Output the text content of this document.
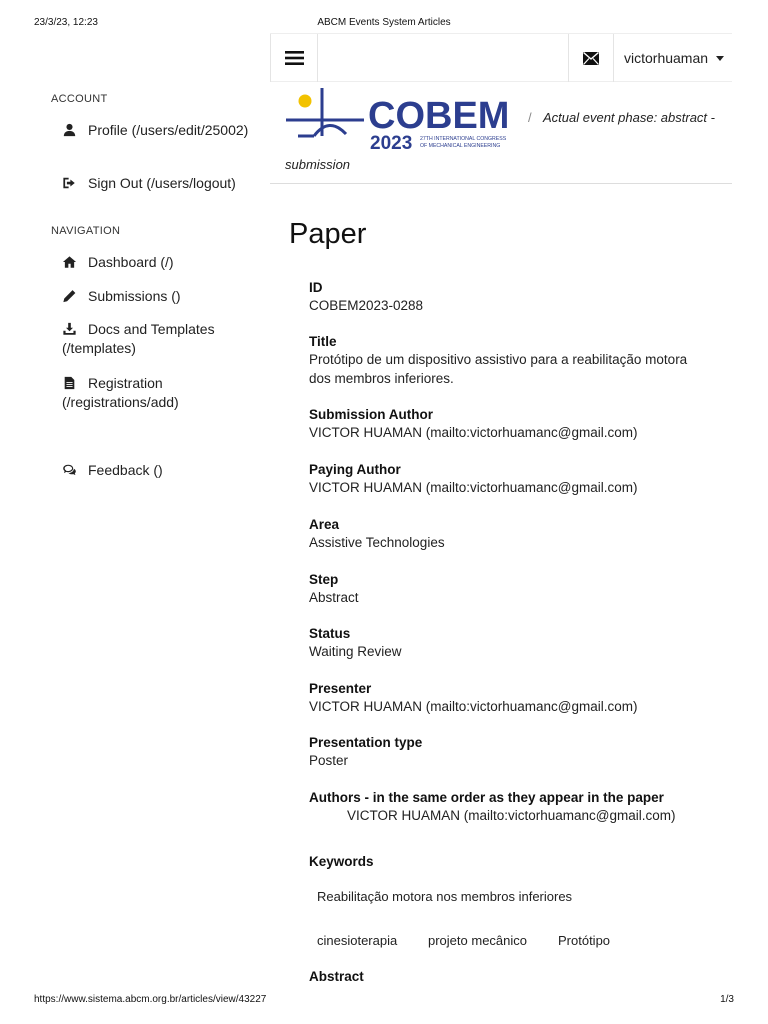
23/3/23, 12:23	ABCM Events System Articles
ACCOUNT
Profile (/users/edit/25002)
Sign Out (/users/logout)
NAVIGATION
Dashboard (/)
Submissions ()
Docs and Templates (/templates)
Registration (/registrations/add)
Feedback ()
victorhuaman
COBEM
2023 27TH INTERNATIONAL CONGRESS
OF MECHANICAL ENGINEERING
/ Actual event phase: abstract -
submission
Paper
ID
COBEM2023-0288
Title
Protótipo de um dispositivo assistivo para a reabilitação motora
dos membros inferiores.
Submission Author
VICTOR HUAMAN (mailto:victorhuamanc@gmail.com)
Paying Author
VICTOR HUAMAN (mailto:victorhuamanc@gmail.com)
Area
Assistive Technologies
Step
Abstract
Status
Waiting Review
Presenter
VICTOR HUAMAN (mailto:victorhuamanc@gmail.com)
Presentation type
Poster
Authors - in the same order as they appear in the paper
VICTOR HUAMAN (mailto:victorhuamanc@gmail.com)
Keywords
Reabilitação motora nos membros inferiores
cinesioterapia projeto mecânico Protótipo
Abstract
https://www.sistema.abcm.org.br/articles/view/43227	1/3
